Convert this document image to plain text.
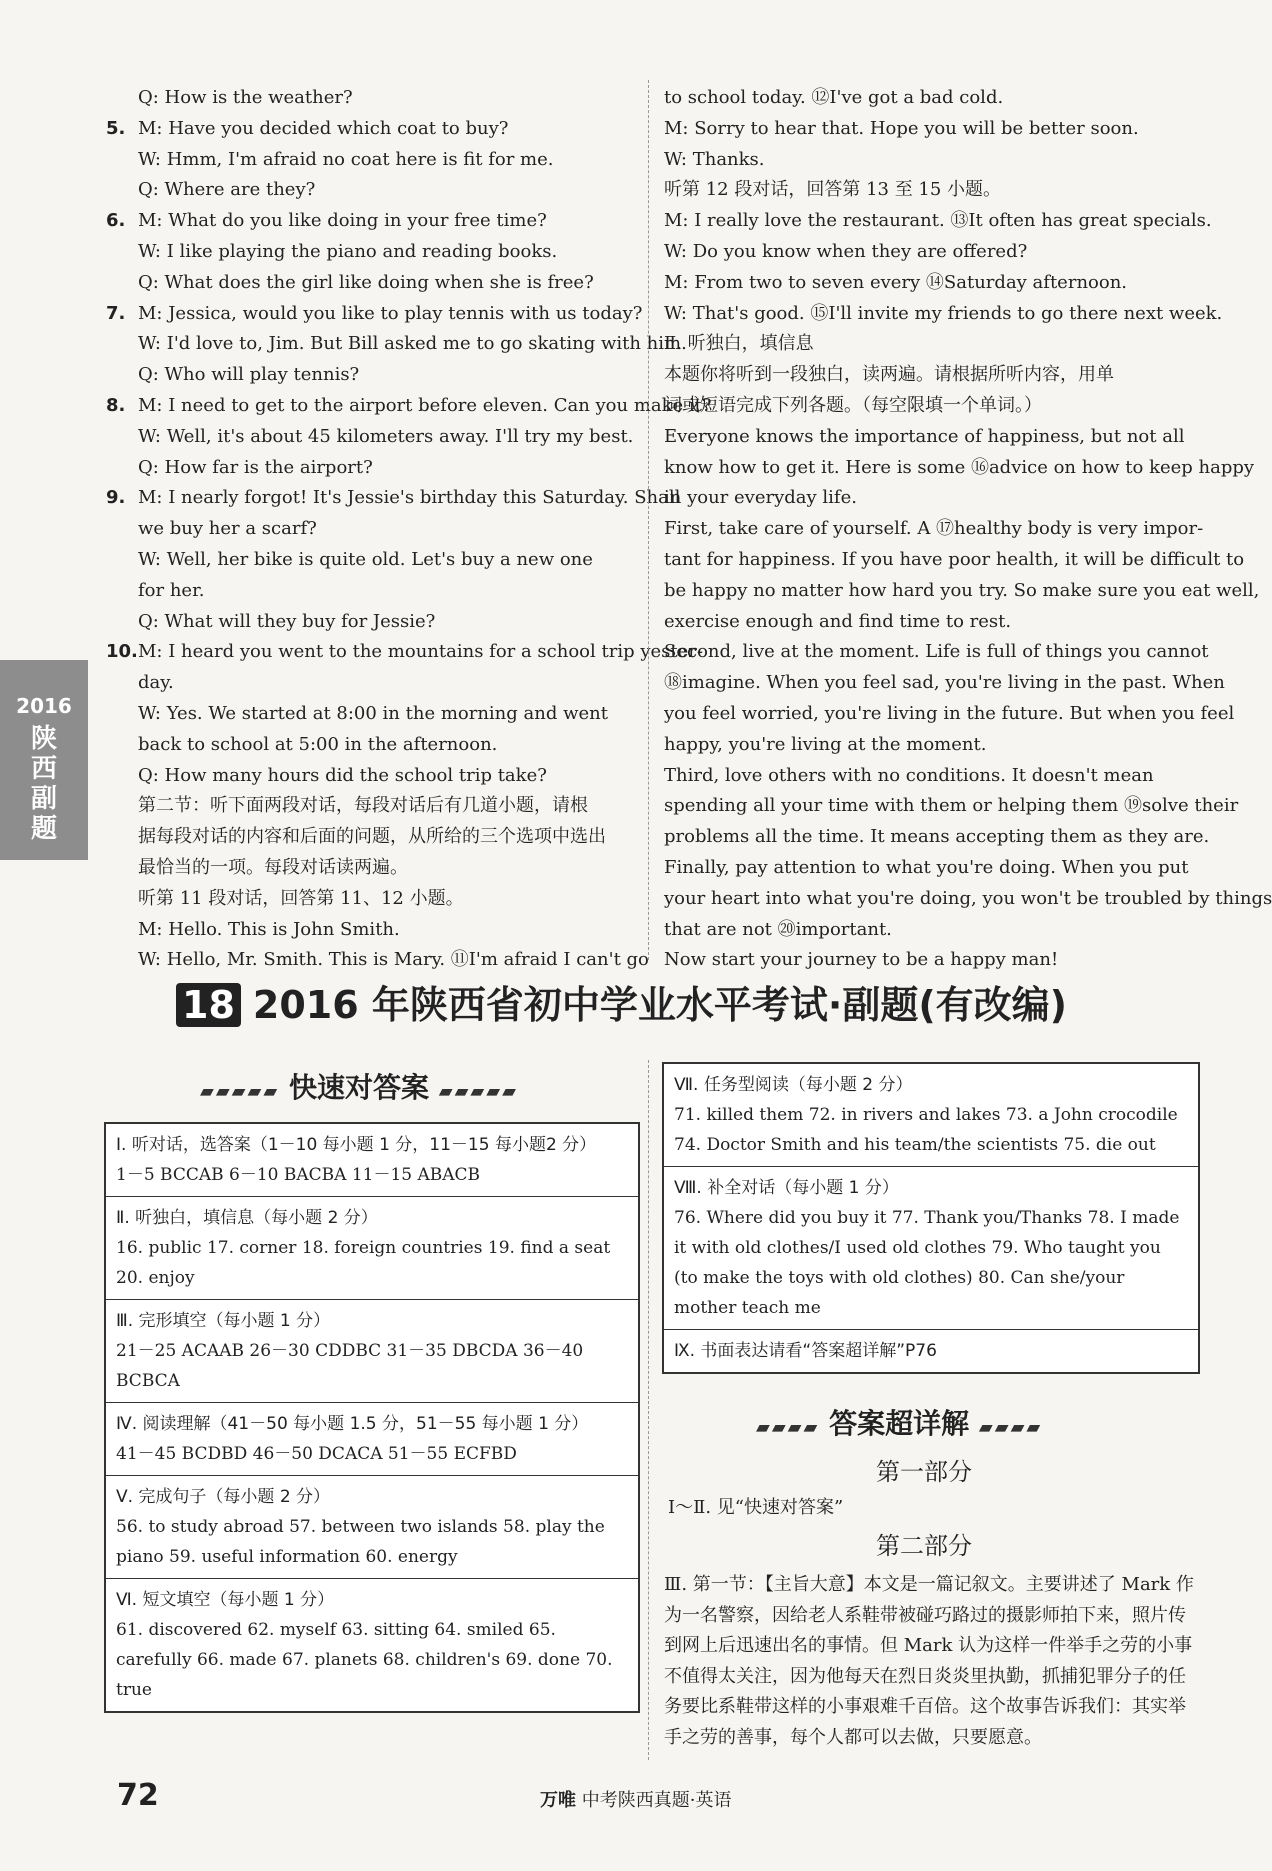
Q: How is the weather?
5. M: Have you decided which coat to buy?
W: Hmm, I'm afraid no coat here is fit for me.
Q: Where are they?
6. M: What do you like doing in your free time?
W: I like playing the piano and reading books.
Q: What does the girl like doing when she is free?
7. M: Jessica, would you like to play tennis with us today?
W: I'd love to, Jim. But Bill asked me to go skating with him.
Q: Who will play tennis?
8. M: I need to get to the airport before eleven. Can you make it?
W: Well, it's about 45 kilometers away. I'll try my best.
Q: How far is the airport?
9. M: I nearly forgot! It's Jessie's birthday this Saturday. Shall
we buy her a scarf?
W: Well, her bike is quite old. Let's buy a new one
for her.
Q: What will they buy for Jessie?
10. M: I heard you went to the mountains for a school trip yester-
day.
W: Yes. We started at 8:00 in the morning and went
back to school at 5:00 in the afternoon.
Q: How many hours did the school trip take?
第二节：听下面两段对话，每段对话后有几道小题，请根
据每段对话的内容和后面的问题，从所给的三个选项中选出
最恰当的一项。每段对话读两遍。
听第 11 段对话，回答第 11、12 小题。
M: Hello. This is John Smith.
W: Hello, Mr. Smith. This is Mary. ⑪I'm afraid I can't go
to school today. ⑫I've got a bad cold.
M: Sorry to hear that. Hope you will be better soon.
W: Thanks.
听第 12 段对话，回答第 13 至 15 小题。
M: I really love the restaurant. ⑬It often has great specials.
W: Do you know when they are offered?
M: From two to seven every ⑭Saturday afternoon.
W: That's good. ⑮I'll invite my friends to go there next week.
Ⅱ. 听独白，填信息
本题你将听到一段独白，读两遍。请根据所听内容，用单
词或短语完成下列各题。（每空限填一个单词。）
Everyone knows the importance of happiness, but not all
know how to get it. Here is some ⑯advice on how to keep happy
in your everyday life.
First, take care of yourself. A ⑰healthy body is very impor-
tant for happiness. If you have poor health, it will be difficult to
be happy no matter how hard you try. So make sure you eat well,
exercise enough and find time to rest.
Second, live at the moment. Life is full of things you cannot
⑱imagine. When you feel sad, you're living in the past. When
you feel worried, you're living in the future. But when you feel
happy, you're living at the moment.
Third, love others with no conditions. It doesn't mean
spending all your time with them or helping them ⑲solve their
problems all the time. It means accepting them as they are.
Finally, pay attention to what you're doing. When you put
your heart into what you're doing, you won't be troubled by things
that are not ⑳important.
Now start your journey to be a happy man!
2016
陕西副题
18 2016 年陕西省初中学业水平考试·副题(有改编)
▰▰▰▰▰ 快速对答案 ▰▰▰▰▰
Ⅰ. 听对话，选答案（1－10 每小题 1 分，11－15 每小题2 分）
1－5 BCCAB 6－10 BACBA 11－15 ABACB
Ⅱ. 听独白，填信息（每小题 2 分）
16. public 17. corner 18. foreign countries 19. find a seat 20. enjoy
Ⅲ. 完形填空（每小题 1 分）
21－25 ACAAB 26－30 CDDBC 31－35 DBCDA 36－40 BCBCA
Ⅳ. 阅读理解（41－50 每小题 1.5 分，51－55 每小题 1 分）
41－45 BCDBD 46－50 DCACA 51－55 ECFBD
Ⅴ. 完成句子（每小题 2 分）
56. to study abroad 57. between two islands 58. play the piano 59. useful information 60. energy
Ⅵ. 短文填空（每小题 1 分）
61. discovered 62. myself 63. sitting 64. smiled 65. carefully 66. made 67. planets 68. children's 69. done 70. true
Ⅶ. 任务型阅读（每小题 2 分）
71. killed them 72. in rivers and lakes 73. a John crocodile 74. Doctor Smith and his team/the scientists 75. die out
Ⅷ. 补全对话（每小题 1 分）
76. Where did you buy it 77. Thank you/Thanks 78. I made it with old clothes/I used old clothes 79. Who taught you (to make the toys with old clothes) 80. Can she/your mother teach me
Ⅸ. 书面表达请看“答案超详解”P76
▰▰▰▰ 答案超详解 ▰▰▰▰
第一部分
Ⅰ～Ⅱ. 见“快速对答案”
第二部分
Ⅲ. 第一节：【主旨大意】本文是一篇记叙文。主要讲述了 Mark 作为一名警察，因给老人系鞋带被碰巧路过的摄影师拍下来，照片传到网上后迅速出名的事情。但 Mark 认为这样一件举手之劳的小事不值得太关注，因为他每天在烈日炎炎里执勤，抓捕犯罪分子的任务要比系鞋带这样的小事艰难千百倍。这个故事告诉我们：其实举手之劳的善事，每个人都可以去做，只要愿意。
72	万唯 中考陕西真题·英语
